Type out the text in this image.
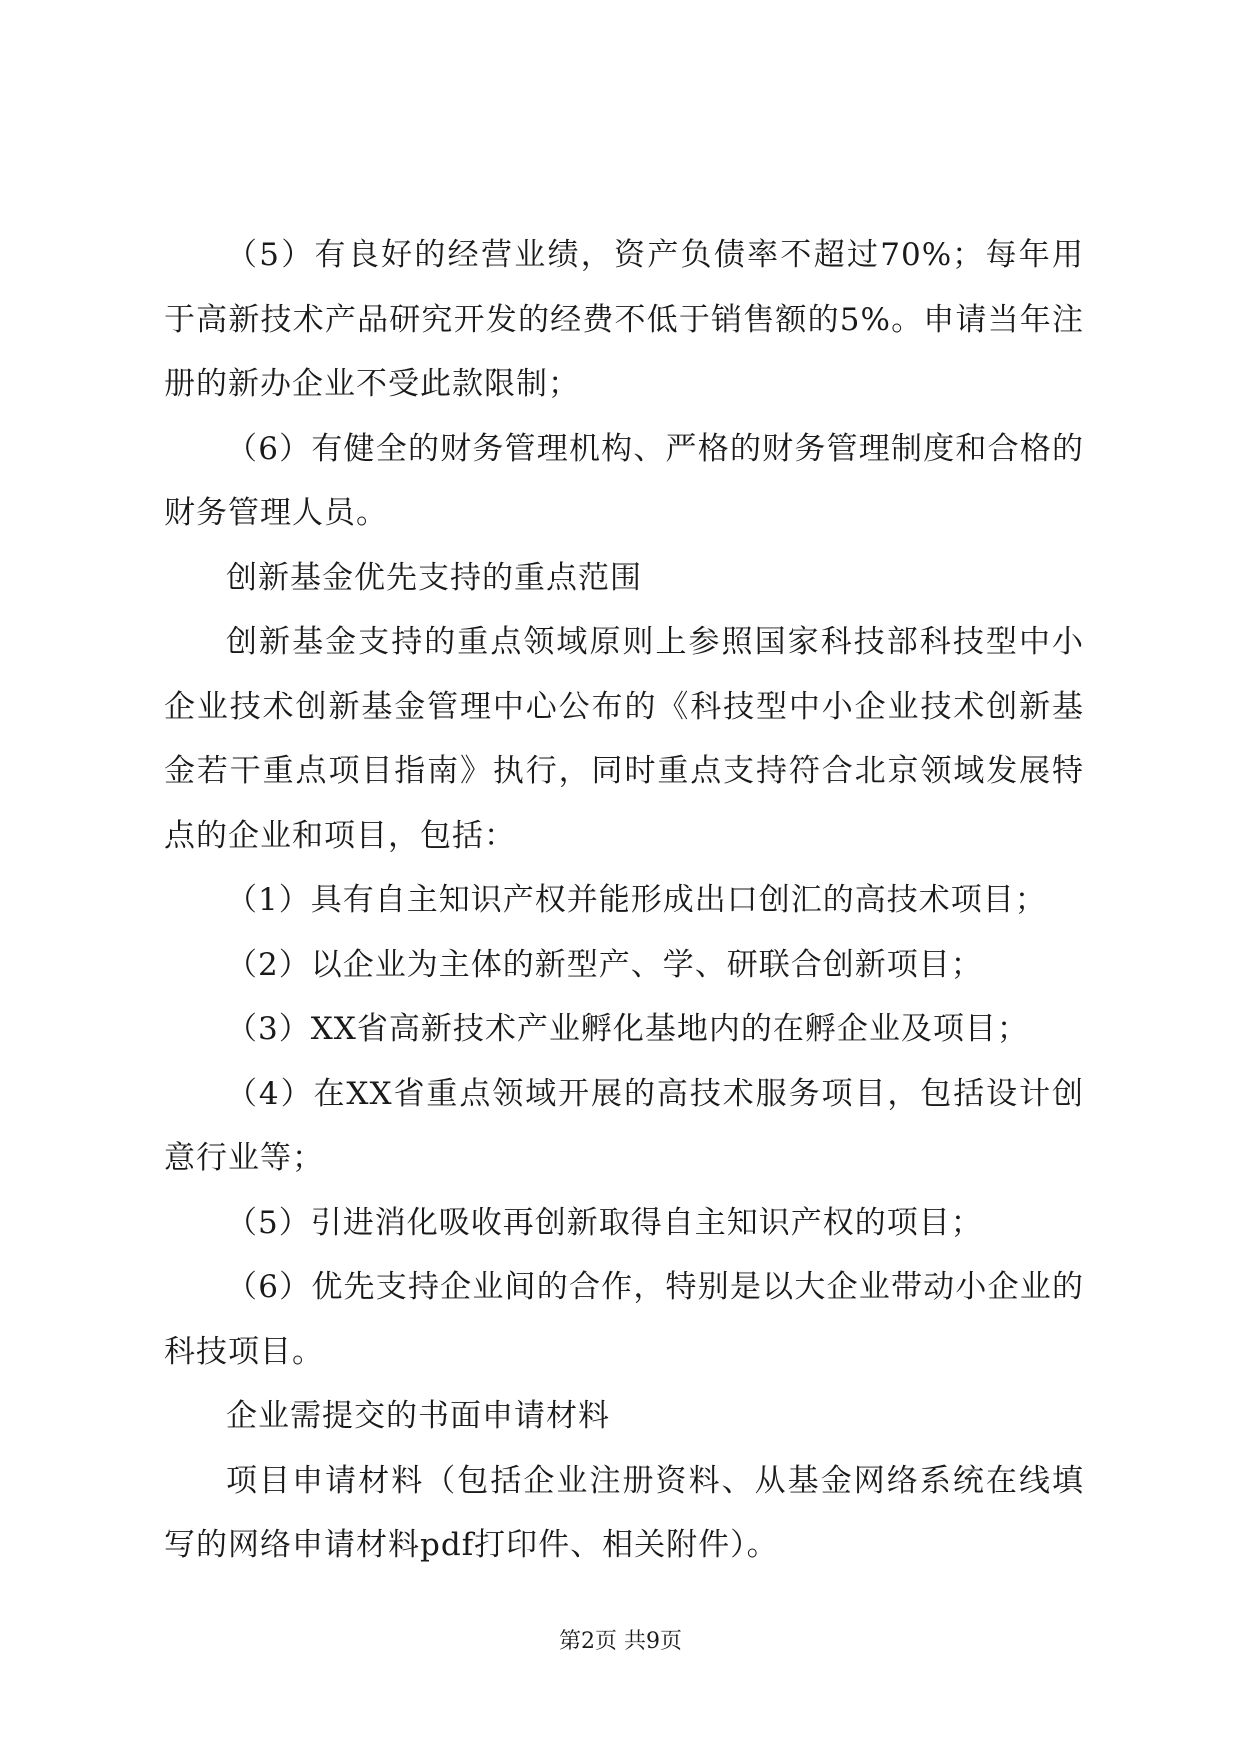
（5）有良好的经营业绩，资产负债率不超过70%；每年用于高新技术产品研究开发的经费不低于销售额的5%。申请当年注册的新办企业不受此款限制；

（6）有健全的财务管理机构、严格的财务管理制度和合格的财务管理人员。

创新基金优先支持的重点范围

创新基金支持的重点领域原则上参照国家科技部科技型中小企业技术创新基金管理中心公布的《科技型中小企业技术创新基金若干重点项目指南》执行，同时重点支持符合北京领域发展特点的企业和项目，包括：

（1）具有自主知识产权并能形成出口创汇的高技术项目；

（2）以企业为主体的新型产、学、研联合创新项目；

（3）XX省高新技术产业孵化基地内的在孵企业及项目；

（4）在XX省重点领域开展的高技术服务项目，包括设计创意行业等；

（5）引进消化吸收再创新取得自主知识产权的项目；

（6）优先支持企业间的合作，特别是以大企业带动小企业的科技项目。

企业需提交的书面申请材料

项目申请材料（包括企业注册资料、从基金网络系统在线填写的网络申请材料pdf打印件、相关附件）。

第2页 共9页
